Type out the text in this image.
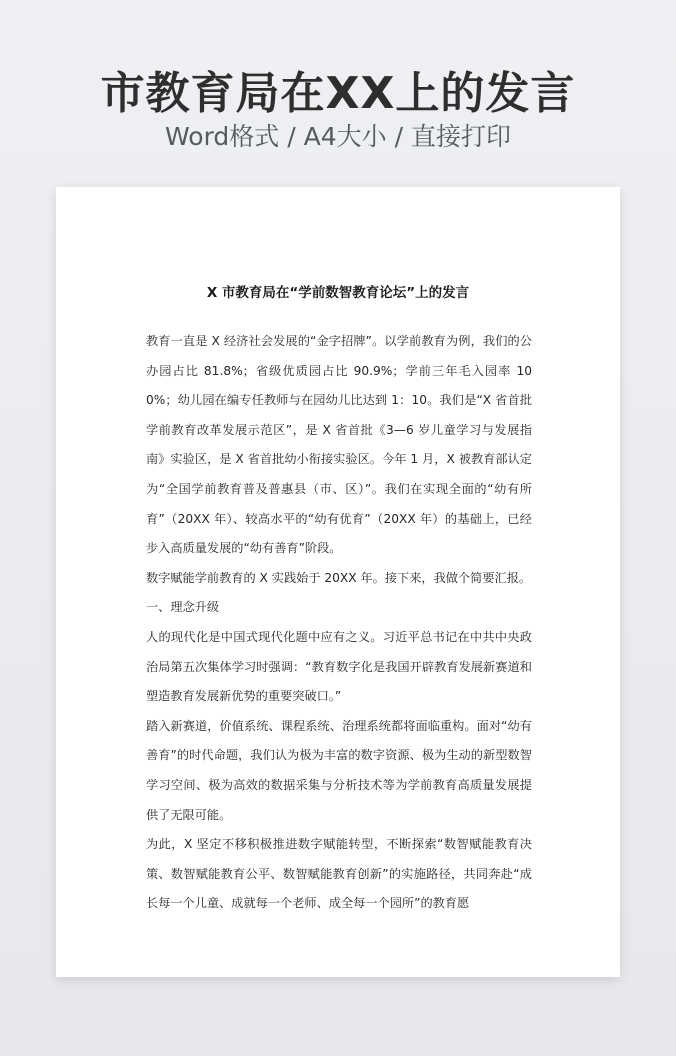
市教育局在XX上的发言
Word格式 / A4大小 / 直接打印
X 市教育局在“学前数智教育论坛”上的发言

教育一直是 X 经济社会发展的“金字招牌”。以学前教育为例，我们的公办园占比 81.8%；省级优质园占比 90.9%；学前三年毛入园率 100%；幼儿园在编专任教师与在园幼儿比达到 1：10。我们是“X 省首批学前教育改革发展示范区”，是 X 省首批《3—6 岁儿童学习与发展指南》实验区，是 X 省首批幼小衔接实验区。今年 1 月，X 被教育部认定为“全国学前教育普及普惠县（市、区）”。我们在实现全面的“幼有所育”（20XX 年）、较高水平的“幼有优育”（20XX 年）的基础上，已经步入高质量发展的“幼有善育”阶段。

数字赋能学前教育的 X 实践始于 20XX 年。接下来，我做个简要汇报。

一、理念升级

人的现代化是中国式现代化题中应有之义。习近平总书记在中共中央政治局第五次集体学习时强调：“教育数字化是我国开辟教育发展新赛道和塑造教育发展新优势的重要突破口。”

踏入新赛道，价值系统、课程系统、治理系统都将面临重构。面对“幼有善育”的时代命题，我们认为极为丰富的数字资源、极为生动的新型数智学习空间、极为高效的数据采集与分析技术等为学前教育高质量发展提供了无限可能。

为此，X 坚定不移积极推进数字赋能转型，不断探索“数智赋能教育决策、数智赋能教育公平、数智赋能教育创新”的实施路径，共同奔赴“成长每一个儿童、成就每一个老师、成全每一个园所”的教育愿
